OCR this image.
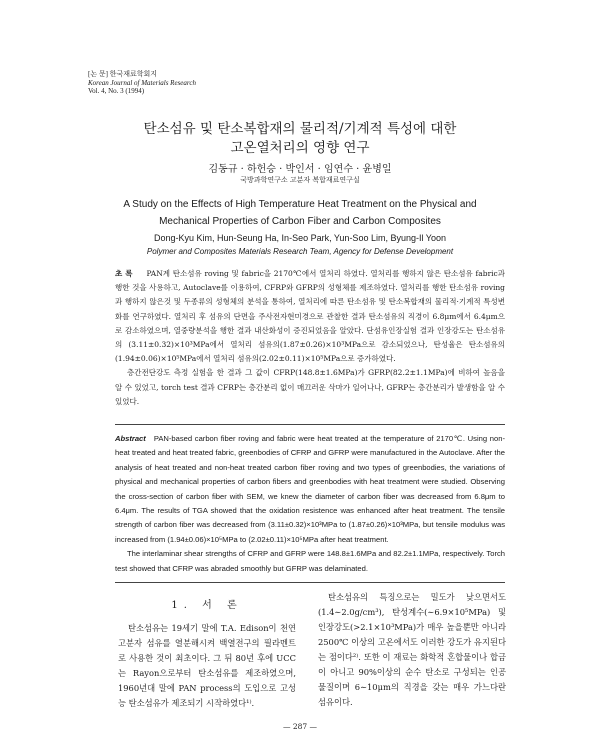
[논 문] 한국재료학회지
Korean Journal of Materials Research
Vol. 4, No. 3 (1994)
탄소섬유 및 탄소복합재의 물리적/기계적 특성에 대한
고온열처리의 영향 연구
김동규 · 하헌승 · 박인서 · 임연수 · 윤병일
국방과학연구소 고분자 복합재료연구실
A Study on the Effects of High Temperature Heat Treatment on the Physical and
Mechanical Properties of Carbon Fiber and Carbon Composites
Dong-Kyu Kim, Hun-Seung Ha, In-Seo Park, Yun-Soo Lim, Byung-Il Yoon
Polymer and Composites Materials Research Team, Agency for Defense Development

초 록 PAN계 탄소섬유 roving 및 fabric을 2170℃에서 열처리 하였다. 열처리를 행하지 않은 탄소섬유 fabric과 행한 것을 사용하고, Autoclave를 이용하여, CFRP와 GFRP의 성형체를 제조하였다. 열처리를 행한 탄소섬유 roving과 행하지 않은것 및 두종류의 성형체의 분석을 통하여, 열처리에 따른 탄소섬유 및 탄소복합재의 물리적·기계적 특성변화를 연구하였다. 열처리 후 섬유의 단면을 주사전자현미경으로 관찰한 결과 탄소섬유의 직경이 6.8μm에서 6.4μm으로 감소하였으며, 열중량분석을 행한 결과 내산화성이 증진되었음을 알았다. 단섬유인장실험 결과 인장강도는 탄소섬유의 (3.11±0.32)×10³MPa에서 열처리 섬유의(1.87±0.26)×10³MPa으로 감소되었으나, 탄성율은 탄소섬유의 (1.94±0.06)×10⁵MPa에서 열처리 섬유의(2.02±0.11)×10⁵MPa으로 증가하였다.

층간전단강도 측정 실험을 한 결과 그 값이 CFRP(148.8±1.6MPa)가 GFRP(82.2±1.1MPa)에 비하여 높음을 알 수 있었고, torch test 결과 CFRP는 층간분리 없이 매끄러운 삭마가 일어나나, GFRP는 층간분리가 발생함을 알 수 있었다.

Abstract PAN-based carbon fiber roving and fabric were heat treated at the temperature of 2170℃. Using non-heat treated and heat treated fabric, greenbodies of CFRP and GFRP were manufactured in the Autoclave. After the analysis of heat treated and non-heat treated carbon fiber roving and two types of greenbodies, the variations of physical and mechanical properties of carbon fibers and greenbodies with heat treatment were studied. Observing the cross-section of carbon fiber with SEM, we knew the diameter of carbon fiber was decreased from 6.8μm to 6.4μm. The results of TGA showed that the oxidation resistence was enhanced after heat treatment. The tensile strength of carbon fiber was decreased from (3.11±0.32)×10³MPa to (1.87±0.26)×10³MPa, but tensile modulus was increased from (1.94±0.06)×10⁵MPa to (2.02±0.11)×10⁵MPa after heat treatment.

The interlaminar shear strengths of CFRP and GFRP were 148.8±1.6MPa and 82.2±1.1MPa, respectively. Torch test showed that CFRP was abraded smoothly but GFRP was delaminated.

1. 서 론

탄소섬유는 19세기 말에 T.A. Edison이 천연고분자 섬유를 열분해시켜 백열전구의 필라멘트로 사용한 것이 최초이다. 그 뒤 80년 후에 UCC는 Rayon으로부터 탄소섬유를 제조하였으며, 1960년대 말에 PAN process의 도입으로 고성능 탄소섬유가 제조되기 시작하였다¹⁾.

탄소섬유의 특징으로는 밀도가 낮으면서도 (1.4∼2.0g/cm³), 탄성계수(∼6.9×10⁵MPa) 및 인장강도(>2.1×10³MPa)가 매우 높을뿐만 아니라 2500℃ 이상의 고온에서도 이러한 강도가 유지된다는 점이다²⁾. 또한 이 재료는 화학적 혼합물이나 합금이 아니고 90%이상의 순수 탄소로 구성되는 인공 물질이며 6∼10μm의 직경을 갖는 매우 가느다란 섬유이다.

— 287 —
